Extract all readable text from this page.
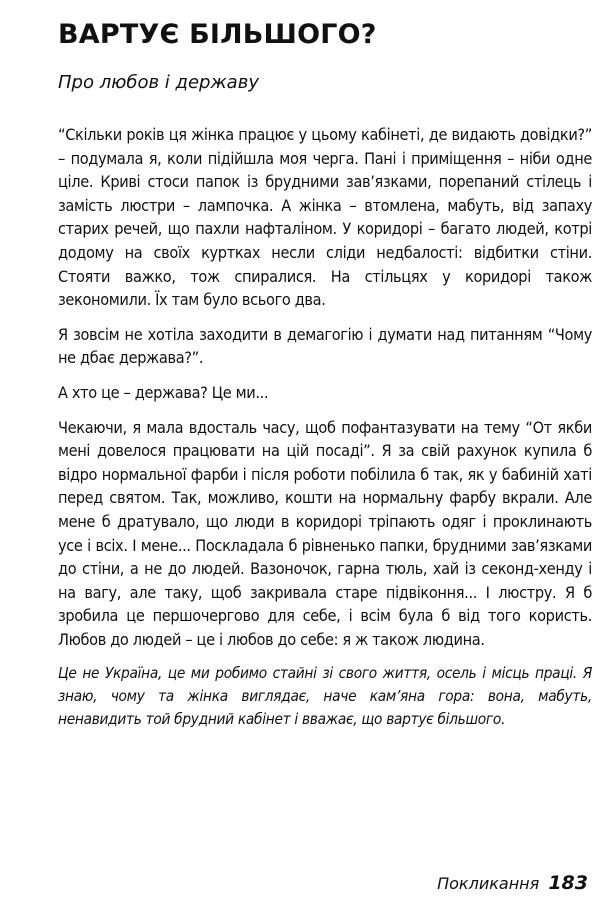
ВАРТУЄ БІЛЬШОГО?
Про любов і державу

“Скільки років ця жінка працює у цьому кабінеті, де видають довідки?” – подумала я, коли підійшла моя черга. Пані і приміщення – ніби одне ціле. Криві стоси папок із брудними зав’язками, порепаний стілець і замість люстри – лампочка. А жінка – втомлена, мабуть, від запаху старих речей, що пахли нафталіном. У коридорі – багато людей, котрі додому на своїх куртках несли сліди недбалості: відбитки стіни. Стояти важко, тож спиралися. На стільцях у коридорі також зекономили. Їх там було всього два.

Я зовсім не хотіла заходити в демагогію і думати над питанням “Чому не дбає держава?”.

А хто це – держава? Це ми...

Чекаючи, я мала вдосталь часу, щоб пофантазувати на тему “От якби мені довелося працювати на цій посаді”. Я за свій рахунок купила б відро нормальної фарби і після роботи побілила б так, як у бабиній хаті перед святом. Так, можливо, кошти на нормальну фарбу вкрали. Але мене б дратувало, що люди в коридорі тріпають одяг і проклинають усе і всіх. І мене... Поскладала б рівненько папки, брудними зав’язками до стіни, а не до людей. Вазоночок, гарна тюль, хай із секонд-хенду і на вагу, але таку, щоб закривала старе підвіконня... І люстру. Я б зробила це першочергово для себе, і всім була б від того користь. Любов до людей – це і любов до себе: я ж також людина.

Це не Україна, це ми робимо стайні зі свого життя, осель і місць праці. Я знаю, чому та жінка виглядає, наче кам’яна гора: вона, мабуть, ненавидить той брудний кабінет і вважає, що вартує більшого.

Покликання 183
